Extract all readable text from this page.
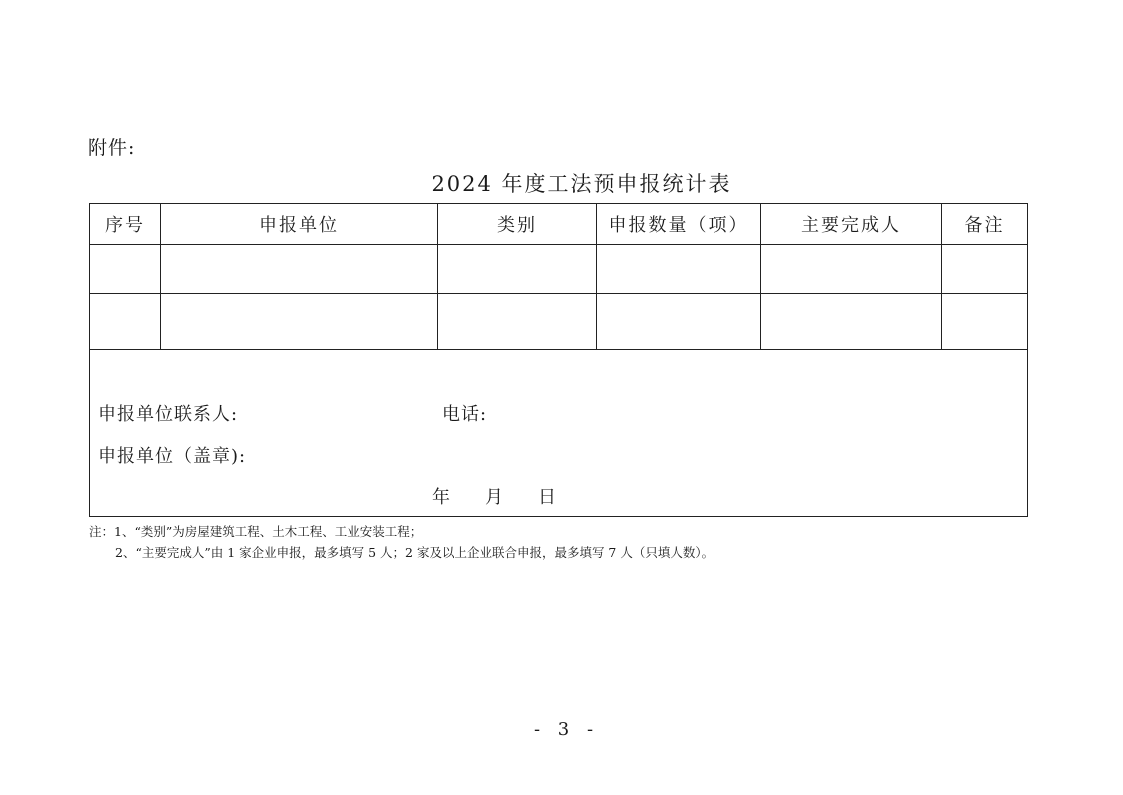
附件:
2024 年度工法预申报统计表
序号	申报单位	类别	申报数量（项）	主要完成人	备注

申报单位联系人: 电话:
申报单位（盖章):
年 月 日					
注：1、“类别”为房屋建筑工程、土木工程、工业安装工程；
2、“主要完成人”由 1 家企业申报，最多填写 5 人；2 家及以上企业联合申报，最多填写 7 人（只填人数）。
- 3 -
